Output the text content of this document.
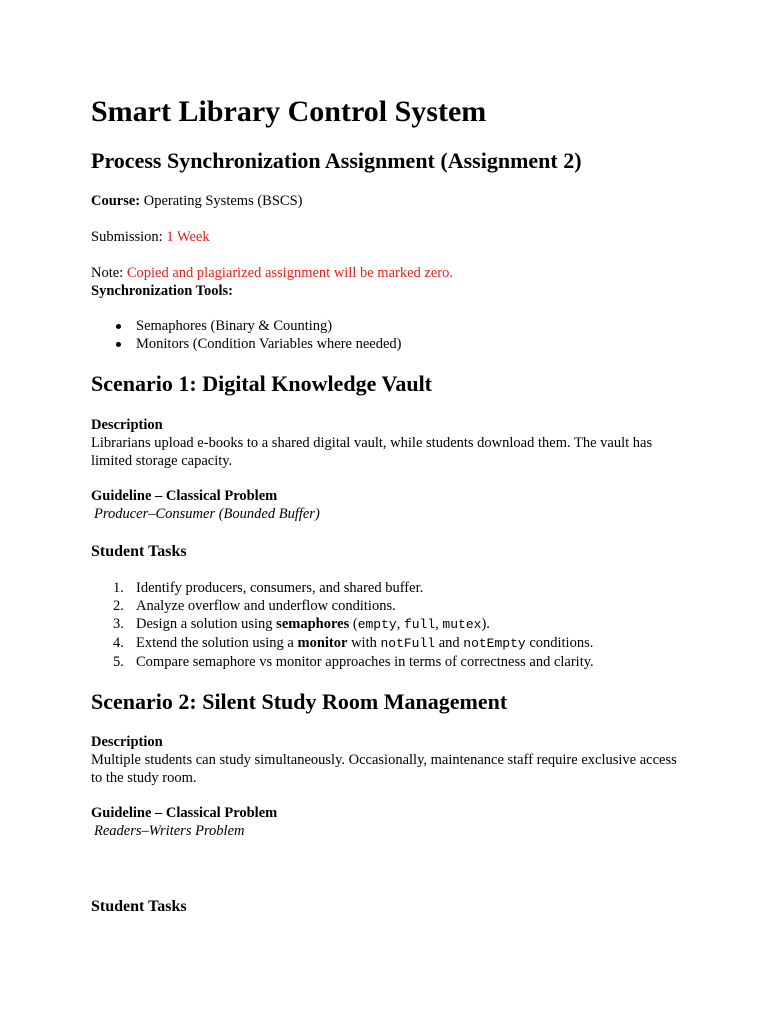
Smart Library Control System
Process Synchronization Assignment (Assignment 2)
Course: Operating Systems (BSCS)
Submission: 1 Week
Note: Copied and plagiarized assignment will be marked zero.
Synchronization Tools:
Semaphores (Binary & Counting)
Monitors (Condition Variables where needed)
Scenario 1: Digital Knowledge Vault
Description
Librarians upload e-books to a shared digital vault, while students download them. The vault has limited storage capacity.
Guideline – Classical Problem
Producer–Consumer (Bounded Buffer)
Student Tasks
1. Identify producers, consumers, and shared buffer.
2. Analyze overflow and underflow conditions.
3. Design a solution using semaphores (empty, full, mutex).
4. Extend the solution using a monitor with notFull and notEmpty conditions.
5. Compare semaphore vs monitor approaches in terms of correctness and clarity.
Scenario 2: Silent Study Room Management
Description
Multiple students can study simultaneously. Occasionally, maintenance staff require exclusive access to the study room.
Guideline – Classical Problem
Readers–Writers Problem
Student Tasks
